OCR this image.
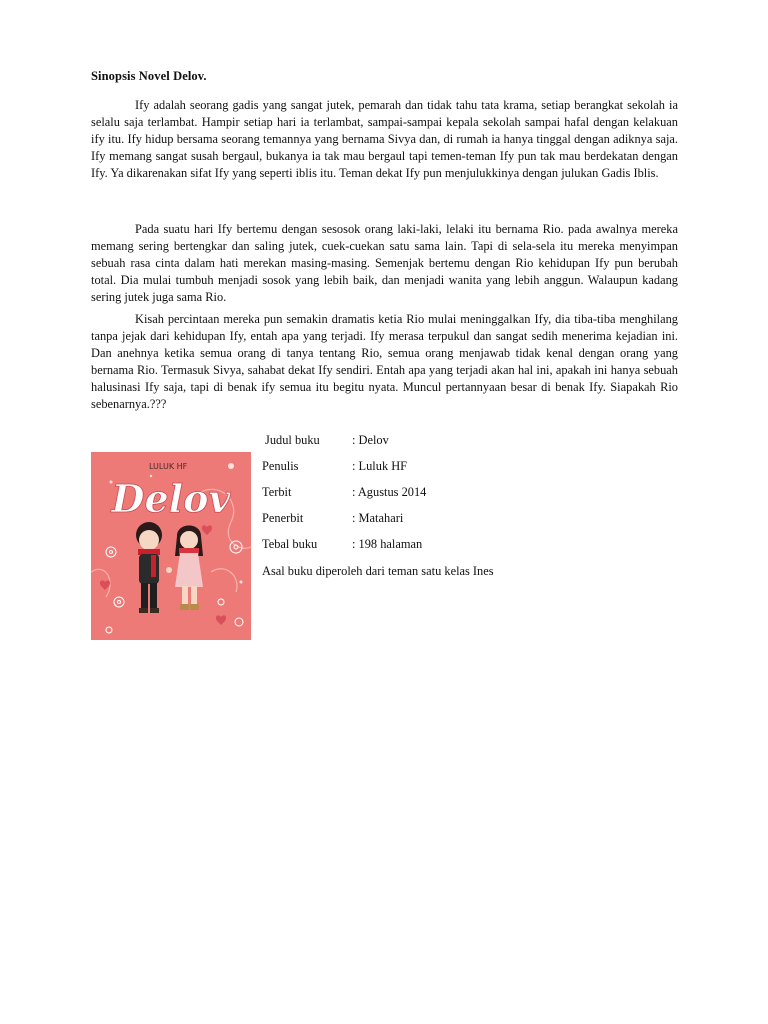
Sinopsis Novel Delov.

Ify adalah seorang gadis yang sangat jutek, pemarah dan tidak tahu tata krama, setiap berangkat sekolah ia selalu saja terlambat. Hampir setiap hari ia terlambat, sampai-sampai kepala sekolah sampai hafal dengan kelakuan ify itu. Ify hidup bersama seorang temannya yang bernama Sivya dan, di rumah ia hanya tinggal dengan adiknya saja. Ify memang sangat susah bergaul, bukanya ia tak mau bergaul tapi temen-teman Ify pun tak mau berdekatan dengan Ify. Ya dikarenakan sifat Ify yang seperti iblis itu. Teman dekat Ify pun menjulukkinya dengan julukan Gadis Iblis.

Pada suatu hari Ify bertemu dengan sesosok orang laki-laki, lelaki itu bernama Rio. pada awalnya mereka memang sering bertengkar dan saling jutek, cuek-cuekan satu sama lain. Tapi di sela-sela itu mereka menyimpan sebuah rasa cinta dalam hati merekan masing-masing. Semenjak bertemu dengan Rio kehidupan Ify pun berubah total. Dia mulai tumbuh menjadi sosok yang lebih baik, dan menjadi wanita yang lebih anggun. Walaupun kadang sering jutek juga sama Rio.

Kisah percintaan mereka pun semakin dramatis ketia Rio mulai meninggalkan Ify, dia tiba-tiba menghilang tanpa jejak dari kehidupan Ify, entah apa yang terjadi. Ify merasa terpukul dan sangat sedih menerima kejadian ini. Dan anehnya ketika semua orang di tanya tentang Rio, semua orang menjawab tidak kenal dengan orang yang bernama Rio. Termasuk Sivya, sahabat dekat Ify sendiri. Entah apa yang terjadi akan hal ini, apakah ini hanya sebuah halusinasi Ify saja, tapi di benak ify semua itu begitu nyata. Muncul pertannyaan besar di benak Ify. Siapakah Rio sebenarnya.???

LULUK HF
Delov
Judul buku	: Delov
Penulis	: Luluk HF
Terbit	: Agustus 2014
Penerbit	: Matahari
Tebal buku	: 198 halaman
Asal buku diperoleh dari teman satu kelas Ines
